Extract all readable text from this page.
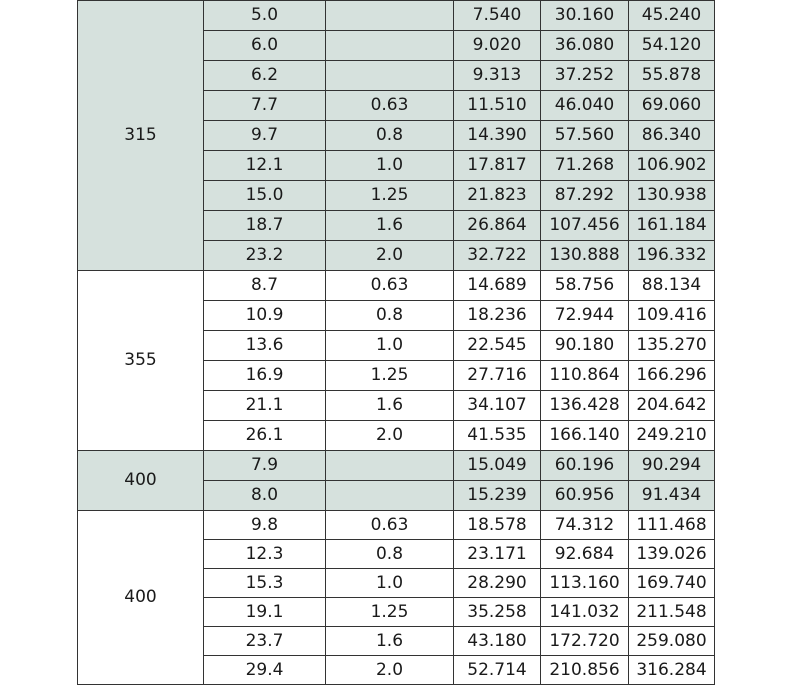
315	5.0		7.540	30.160	45.240
	6.0		9.020	36.080	54.120
	6.2		9.313	37.252	55.878
	7.7	0.63	11.510	46.040	69.060
	9.7	0.8	14.390	57.560	86.340
	12.1	1.0	17.817	71.268	106.902
	15.0	1.25	21.823	87.292	130.938
	18.7	1.6	26.864	107.456	161.184
	23.2	2.0	32.722	130.888	196.332
355	8.7	0.63	14.689	58.756	88.134
	10.9	0.8	18.236	72.944	109.416
	13.6	1.0	22.545	90.180	135.270
	16.9	1.25	27.716	110.864	166.296
	21.1	1.6	34.107	136.428	204.642
	26.1	2.0	41.535	166.140	249.210
400	7.9		15.049	60.196	90.294
	8.0		15.239	60.956	91.434
400	9.8	0.63	18.578	74.312	111.468
	12.3	0.8	23.171	92.684	139.026
	15.3	1.0	28.290	113.160	169.740
	19.1	1.25	35.258	141.032	211.548
	23.7	1.6	43.180	172.720	259.080
	29.4	2.0	52.714	210.856	316.284
